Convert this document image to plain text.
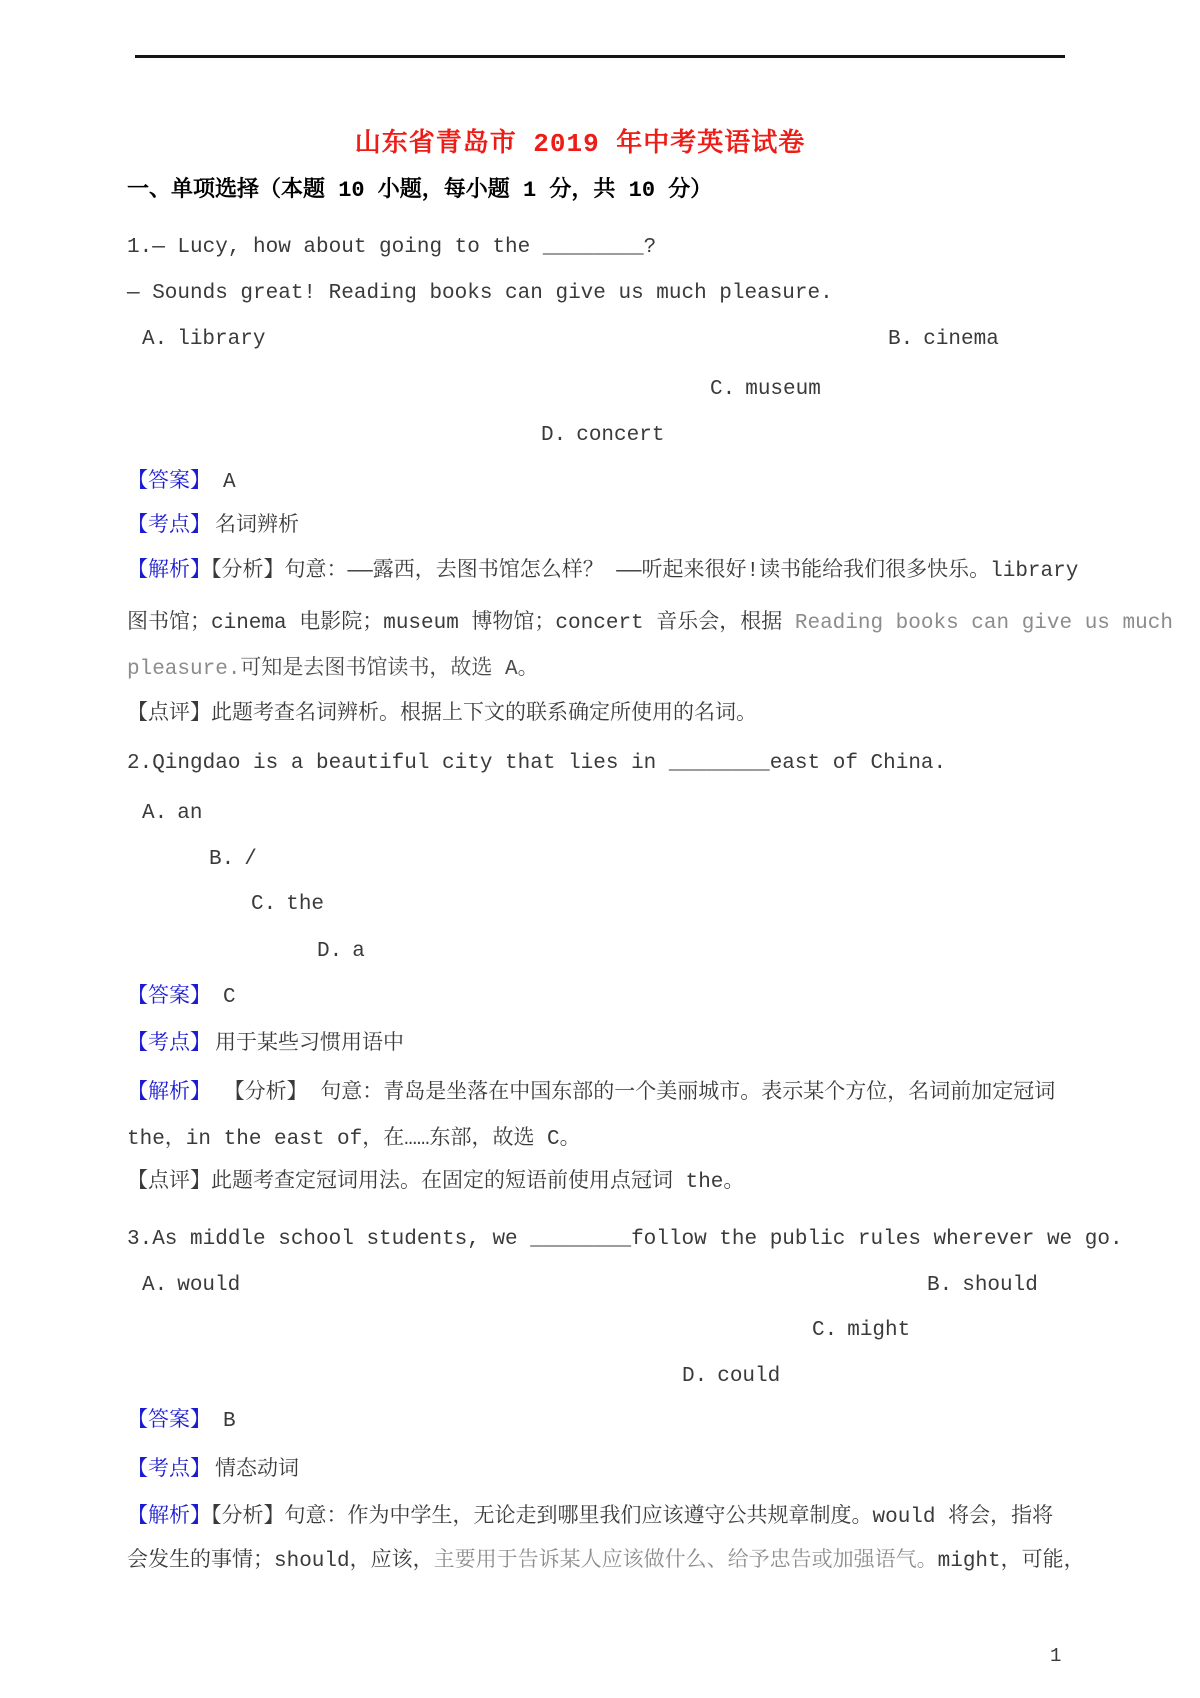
山东省青岛市 2019 年中考英语试卷
一、单项选择（本题 10 小题，每小题 1 分，共 10 分）
1.— Lucy, how about going to the ________?
— Sounds great! Reading books can give us much pleasure.
A. library	B. cinema
C. museum
D. concert
【答案】 A
【考点】 名词辨析
【解析】【分析】句意：——露西，去图书馆怎么样？ ——听起来很好!读书能给我们很多快乐。library
图书馆；cinema 电影院；museum 博物馆；concert 音乐会，根据 Reading books can give us much
pleasure.可知是去图书馆读书，故选 A。
【点评】此题考查名词辨析。根据上下文的联系确定所使用的名词。
2.Qingdao is a beautiful city that lies in ________east of China.
A. an
B. /
C. the
D. a
【答案】 C
【考点】 用于某些习惯用语中
【解析】 【分析】 句意：青岛是坐落在中国东部的一个美丽城市。表示某个方位，名词前加定冠词
the，in the east of，在……东部，故选 C。
【点评】此题考查定冠词用法。在固定的短语前使用点冠词 the。
3.As middle school students, we ________follow the public rules wherever we go.
A. would	B. should
C. might
D. could
【答案】 B
【考点】 情态动词
【解析】【分析】句意：作为中学生，无论走到哪里我们应该遵守公共规章制度。would 将会，指将
会发生的事情；should，应该，主要用于告诉某人应该做什么、给予忠告或加强语气。might，可能，
1
